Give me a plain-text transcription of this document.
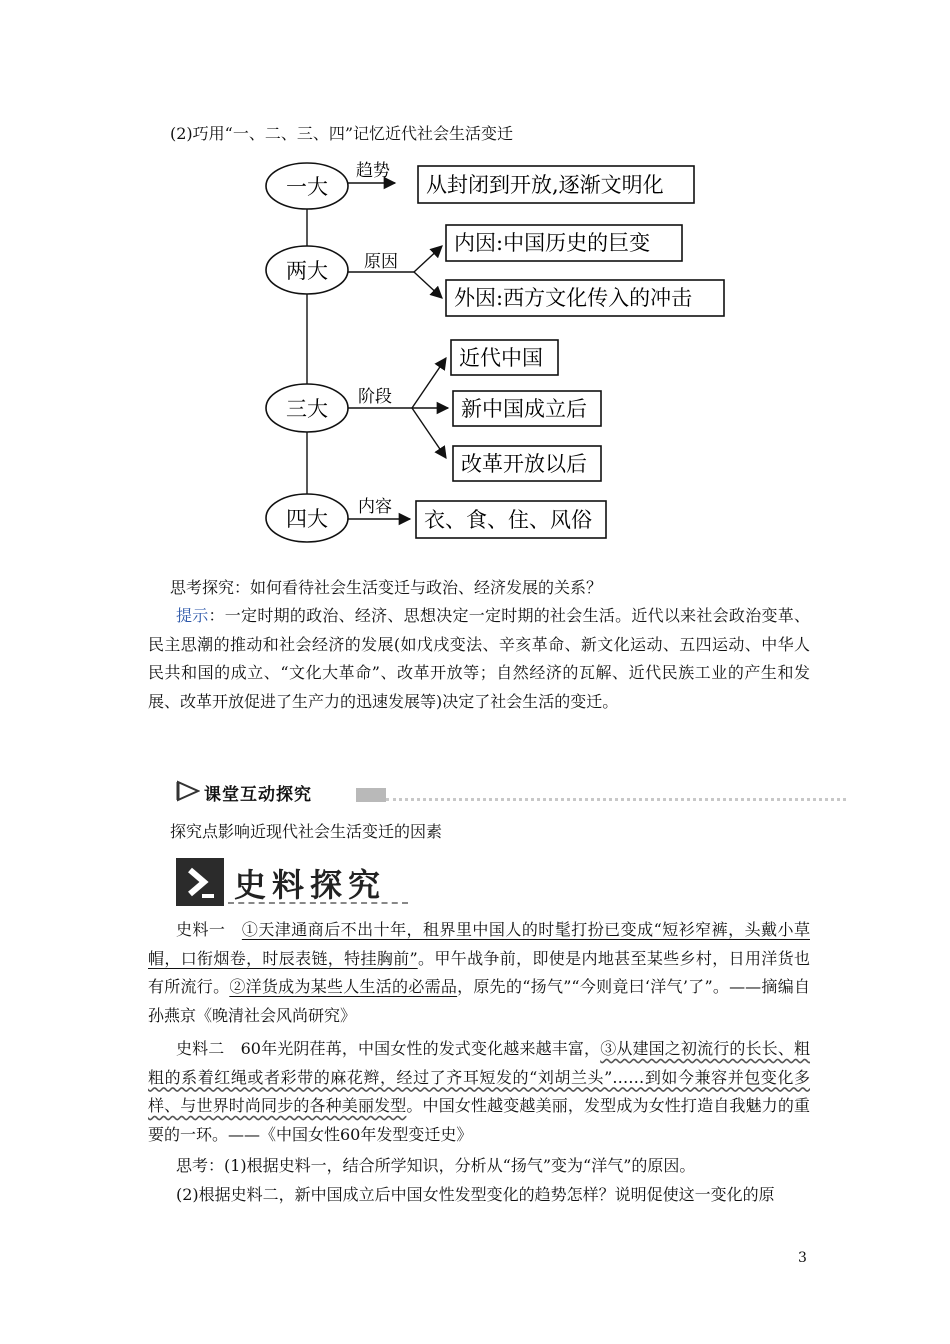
(2)巧用“一、二、三、四”记忆近代社会生活变迁
一大
两大
三大
四大
趋势
从封闭到开放,逐渐文明化
原因
内因:中国历史的巨变
外因:西方文化传入的冲击
阶段
近代中国
新中国成立后
改革开放以后
内容
衣、食、住、风俗
思考探究：如何看待社会生活变迁与政治、经济发展的关系？
提示：一定时期的政治、经济、思想决定一定时期的社会生活。近代以来社会政治变革、民主思潮的推动和社会经济的发展(如戊戌变法、辛亥革命、新文化运动、五四运动、中华人民共和国的成立、“文化大革命”、改革开放等；自然经济的瓦解、近代民族工业的产生和发展、改革开放促进了生产力的迅速发展等)决定了社会生活的变迁。
课堂互动探究
探究点影响近现代社会生活变迁的因素
史料探究
史料一　①天津通商后不出十年，租界里中国人的时髦打扮已变成“短衫窄裤，头戴小草帽，口衔烟卷，时辰表链，特挂胸前”。甲午战争前，即使是内地甚至某些乡村，日用洋货也有所流行。②洋货成为某些人生活的必需品，原先的“扬气”“今则竟曰‘洋气’了”。——摘编自孙燕京《晚清社会风尚研究》
史料二　60年光阴荏苒，中国女性的发式变化越来越丰富，③从建国之初流行的长长、粗粗的系着红绳或者彩带的麻花辫，经过了齐耳短发的“刘胡兰头”……到如今兼容并包变化多样、与世界时尚同步的各种美丽发型。中国女性越变越美丽，发型成为女性打造自我魅力的重要的一环。——《中国女性60年发型变迁史》
思考：(1)根据史料一，结合所学知识，分析从“扬气”变为“洋气”的原因。
(2)根据史料二，新中国成立后中国女性发型变化的趋势怎样？说明促使这一变化的原
3
